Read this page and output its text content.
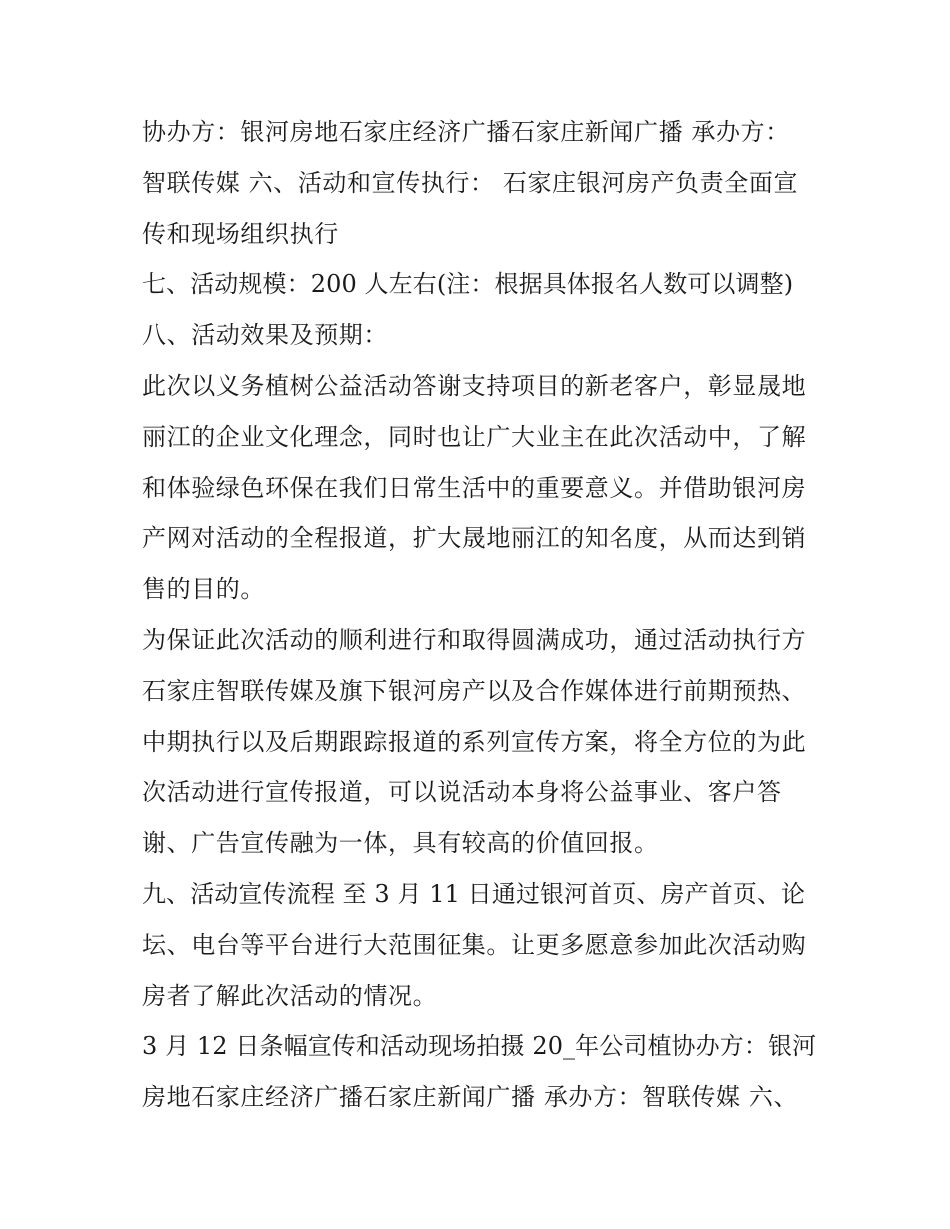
协办方：银河房地石家庄经济广播石家庄新闻广播 承办方：
智联传媒 六、活动和宣传执行： 石家庄银河房产负责全面宣
传和现场组织执行
七、活动规模：200 人左右(注：根据具体报名人数可以调整)
八、活动效果及预期：
此次以义务植树公益活动答谢支持项目的新老客户，彰显晟地
丽江的企业文化理念，同时也让广大业主在此次活动中，了解
和体验绿色环保在我们日常生活中的重要意义。并借助银河房
产网对活动的全程报道，扩大晟地丽江的知名度，从而达到销
售的目的。
为保证此次活动的顺利进行和取得圆满成功，通过活动执行方
石家庄智联传媒及旗下银河房产以及合作媒体进行前期预热、
中期执行以及后期跟踪报道的系列宣传方案，将全方位的为此
次活动进行宣传报道，可以说活动本身将公益事业、客户答
谢、广告宣传融为一体，具有较高的价值回报。
九、活动宣传流程 至 3 月 11 日通过银河首页、房产首页、论
坛、电台等平台进行大范围征集。让更多愿意参加此次活动购
房者了解此次活动的情况。
3 月 12 日条幅宣传和活动现场拍摄 20_年公司植协办方：银河
房地石家庄经济广播石家庄新闻广播 承办方：智联传媒 六、
